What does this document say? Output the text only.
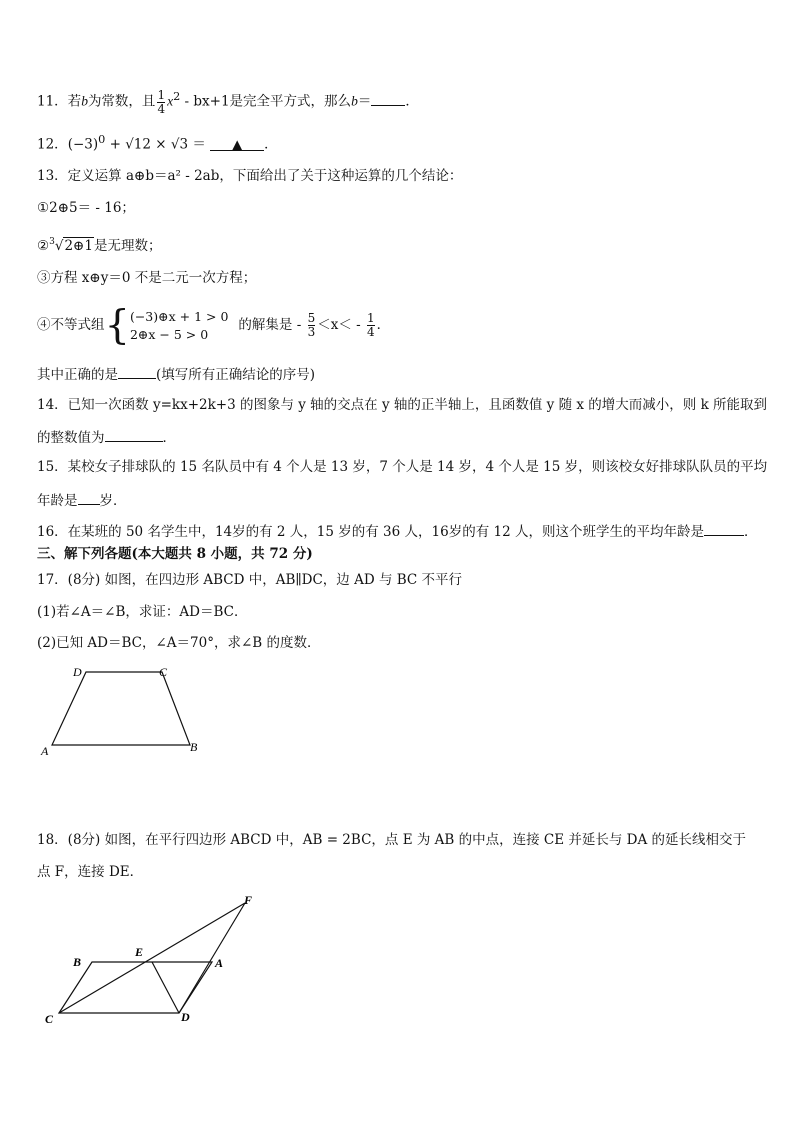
11．若b为常数，且 $\frac{1}{4} x^2 - bx+1$是完全平方式，那么b＝	．
12．$(-3)^0 + √12 \times √3$ ＝ ▲ ．
13．定义运算 a⊕b＝a² - 2ab，下面给出了关于这种运算的几个结论：
①2⊕5＝ - 16；
②$^3$√2⊕1是无理数；
③方程 x⊕y＝0 不是二元一次方程；
④不等式组{ (−3)⊕x + 1 > 0
2⊕x − 5 > 0
的解集是 - $\frac{5}{3} <x< - \frac{1}{4}$ ．
其中正确的是	(填写所有正确结论的序号)
14．已知一次函数 y=kx+2k+3 的图象与 y 轴的交点在 y 轴的正半轴上，且函数值 y 随 x 的增大而减小，则 k 所能取到
的整数值为	．
15．某校女子排球队的 15 名队员中有 4 个人是 13 岁，7 个人是 14 岁，4 个人是 15 岁，则该校女好排球队队员的平均
年龄是 岁．
16．在某班的 50 名学生中，14岁的有 2 人，15 岁的有 36 人，16岁的有 12 人，则这个班学生的平均年龄是	．
三、解下列各题(本大题共 8 小题，共 72 分)
17．(8分) 如图，在四边形 ABCD 中，AB∥DC，边 AD 与 BC 不平行
(1)若∠A＝∠B，求证：AD＝BC．
(2)已知 AD＝BC，∠A＝70°，求∠B 的度数．
D	C
A	B
18．(8分) 如图，在平行四边形 ABCD 中，AB = 2BC，点 E 为 AB 的中点，连接 CE 并延长与 DA 的延长线相交于
点 F，连接 DE．
F
E
B	A
C	D
